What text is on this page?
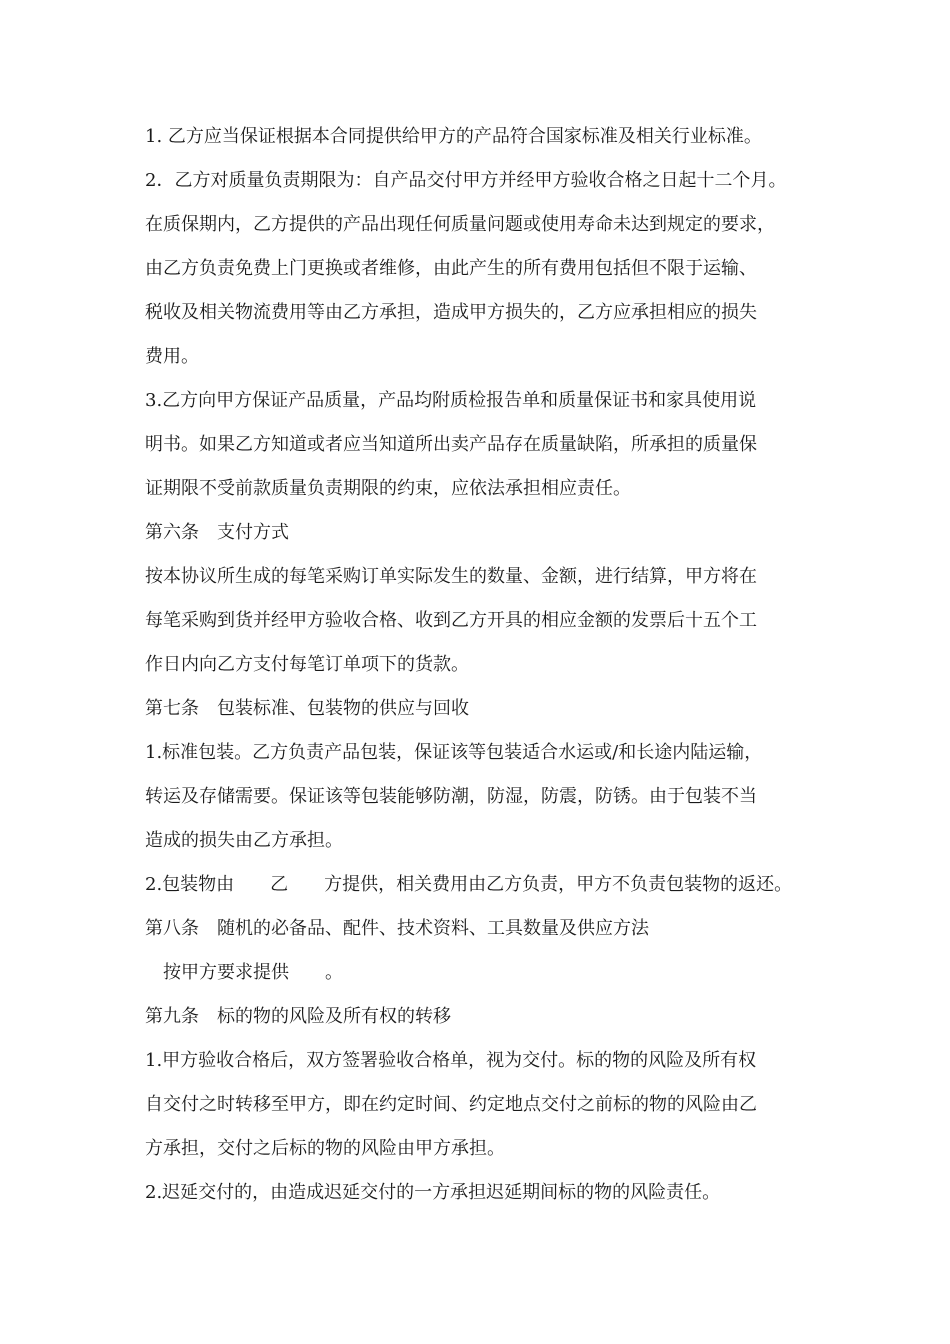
1. 乙方应当保证根据本合同提供给甲方的产品符合国家标准及相关行业标准。
2．乙方对质量负责期限为：自产品交付甲方并经甲方验收合格之日起十二个月。
在质保期内，乙方提供的产品出现任何质量问题或使用寿命未达到规定的要求，
由乙方负责免费上门更换或者维修，由此产生的所有费用包括但不限于运输、
税收及相关物流费用等由乙方承担，造成甲方损失的，乙方应承担相应的损失
费用。
3.乙方向甲方保证产品质量，产品均附质检报告单和质量保证书和家具使用说
明书。如果乙方知道或者应当知道所出卖产品存在质量缺陷，所承担的质量保
证期限不受前款质量负责期限的约束，应依法承担相应责任。
第六条　支付方式
按本协议所生成的每笔采购订单实际发生的数量、金额，进行结算，甲方将在
每笔采购到货并经甲方验收合格、收到乙方开具的相应金额的发票后十五个工
作日内向乙方支付每笔订单项下的货款。
第七条　包装标准、包装物的供应与回收
1.标准包装。乙方负责产品包装，保证该等包装适合水运或/和长途内陆运输，
转运及存储需要。保证该等包装能够防潮，防湿，防震，防锈。由于包装不当
造成的损失由乙方承担。
2.包装物由　　乙　　方提供，相关费用由乙方负责，甲方不负责包装物的返还。
第八条　随机的必备品、配件、技术资料、工具数量及供应方法
　按甲方要求提供　　。
第九条　标的物的风险及所有权的转移
1.甲方验收合格后，双方签署验收合格单，视为交付。标的物的风险及所有权
自交付之时转移至甲方，即在约定时间、约定地点交付之前标的物的风险由乙
方承担，交付之后标的物的风险由甲方承担。
2.迟延交付的，由造成迟延交付的一方承担迟延期间标的物的风险责任。
